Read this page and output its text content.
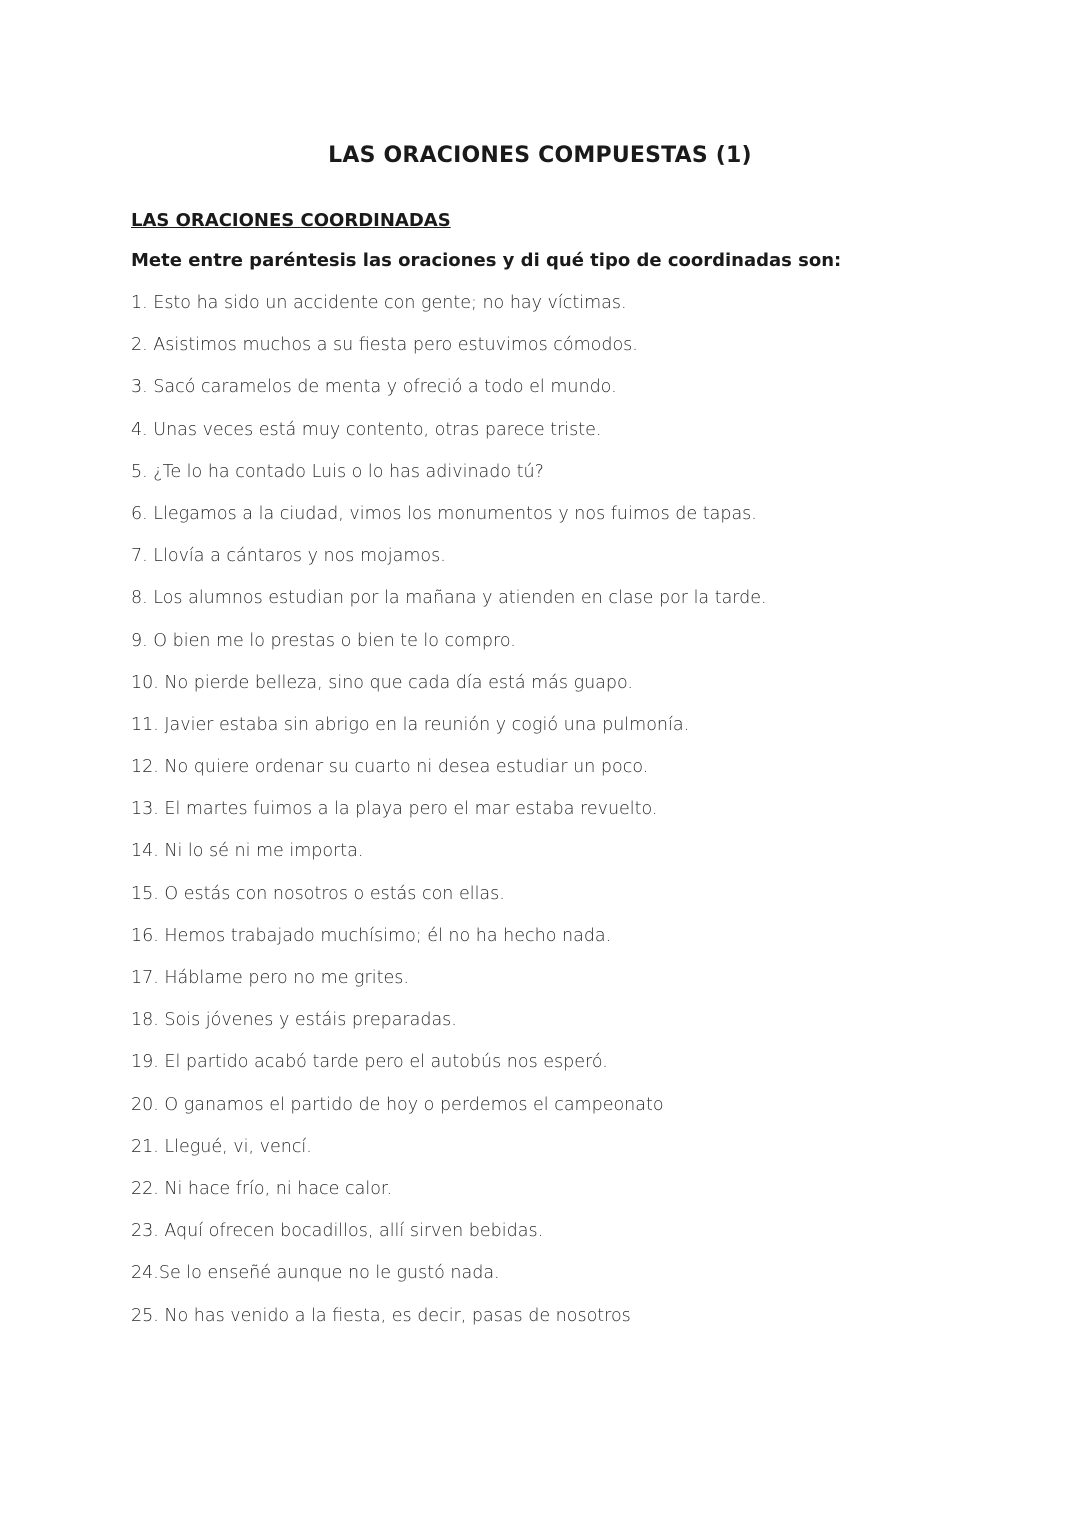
LAS ORACIONES COMPUESTAS (1)
LAS ORACIONES COORDINADAS
Mete entre paréntesis las oraciones y di qué tipo de coordinadas son:
1. Esto ha sido un accidente con gente; no hay víctimas.
2. Asistimos muchos a su fiesta pero estuvimos cómodos.
3. Sacó caramelos de menta y ofreció a todo el mundo.
4. Unas veces está muy contento, otras parece triste.
5. ¿Te lo ha contado Luis o lo has adivinado tú?
6. Llegamos a la ciudad, vimos los monumentos y nos fuimos de tapas.
7. Llovía a cántaros y nos mojamos.
8. Los alumnos estudian por la mañana y atienden en clase por la tarde.
9. O bien me lo prestas o bien te lo compro.
10. No pierde belleza, sino que cada día está más guapo.
11. Javier estaba sin abrigo en la reunión y cogió una pulmonía.
12. No quiere ordenar su cuarto ni desea estudiar un poco.
13. El martes fuimos a la playa pero el mar estaba revuelto.
14. Ni lo sé ni me importa.
15. O estás con nosotros o estás con ellas.
16. Hemos trabajado muchísimo; él no ha hecho nada.
17. Háblame pero no me grites.
18. Sois jóvenes y estáis preparadas.
19. El partido acabó tarde pero el autobús nos esperó.
20. O ganamos el partido de hoy o perdemos el campeonato
21. Llegué, vi, vencí.
22. Ni hace frío, ni hace calor.
23. Aquí ofrecen bocadillos, allí sirven bebidas.
24.Se lo enseñé aunque no le gustó nada.
25. No has venido a la fiesta, es decir, pasas de nosotros
